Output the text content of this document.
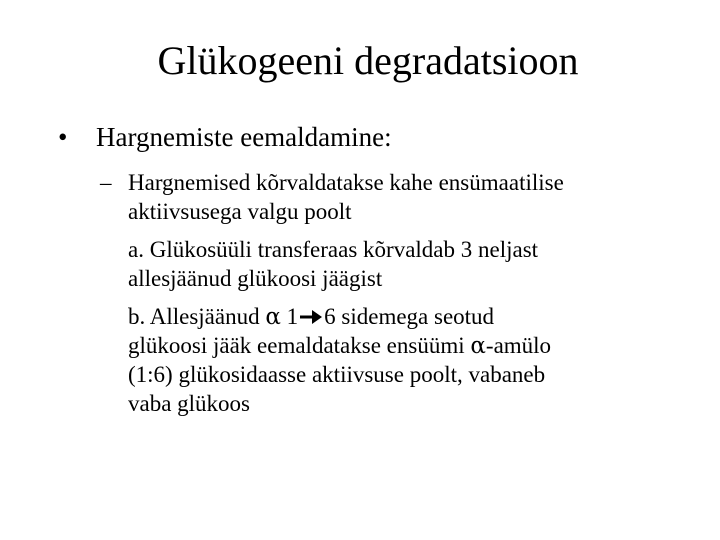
Glükogeeni degradatsioon
• Hargnemiste eemaldamine:
– Hargnemised kõrvaldatakse kahe ensümaatilise
aktiivsusega valgu poolt
a. Glükosüüli transferaas kõrvaldab 3 neljast
allesjäänud glükoosi jäägist
b. Allesjäänud α 1 6 sidemega seotud
glükoosi jääk eemaldatakse ensüümi α-amülo
(1:6) glükosidaasse aktiivsuse poolt, vabaneb
vaba glükoos
